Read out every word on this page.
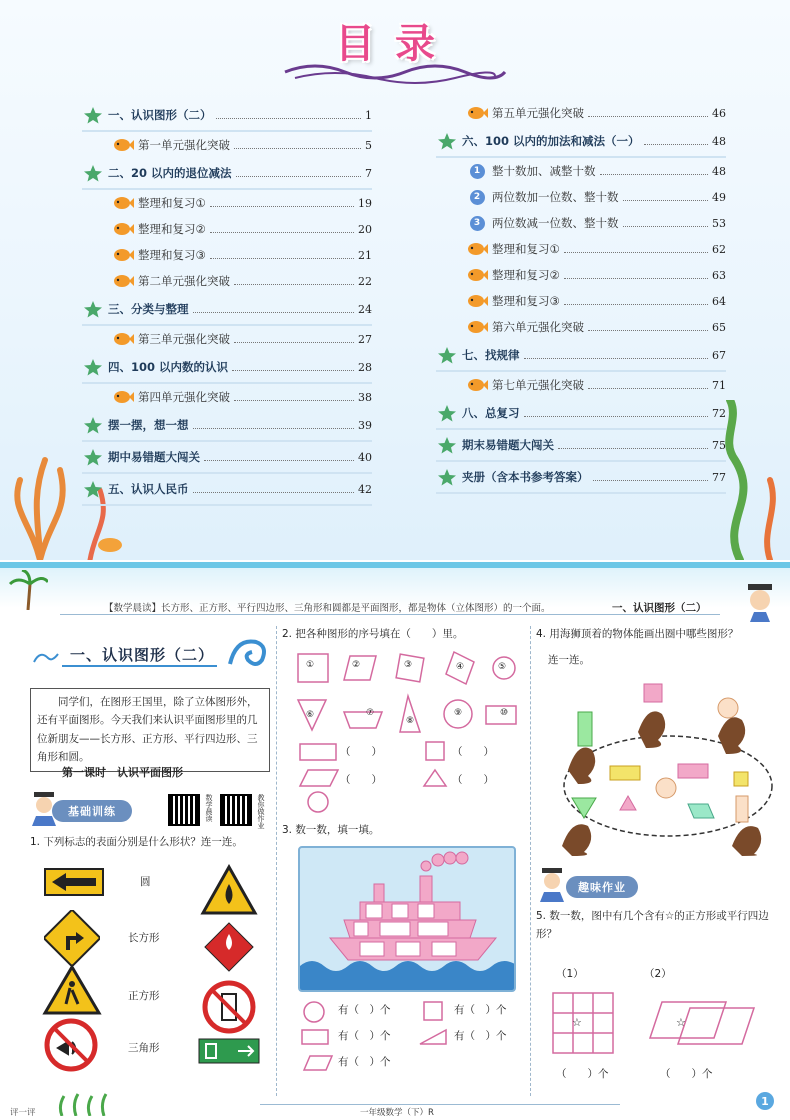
目录
一、认识图形（二）	1
第一单元强化突破	5
二、20 以内的退位减法	7
整理和复习①	19
整理和复习②	20
整理和复习③	21
第二单元强化突破	22
三、分类与整理	24
第三单元强化突破	27
四、100 以内数的认识	28
第四单元强化突破	38
摆一摆，想一想	39
期中易错题大闯关	40
五、认识人民币	42
第五单元强化突破	46
六、100 以内的加法和减法（一）	48
1	整十数加、减整十数	48
2	两位数加一位数、整十数	49
3	两位数减一位数、整十数	53
整理和复习①	62
整理和复习②	63
整理和复习③	64
第六单元强化突破	65
七、找规律	67
第七单元强化突破	71
八、总复习	72
期末易错题大闯关	75
夹册（含本书参考答案）	77
【数学晨读】长方形、正方形、平行四边形、三角形和圆都是平面图形，都是物体（立体图形）的一个面。	一、认识图形（二）
一、认识图形（二）
同学们，在图形王国里，除了立体图形外，还有平面图形。今天我们来认识平面图形里的几位新朋友——长方形、正方形、平行四边形、三角形和圆。
第一课时　认识平面图形
基础训练	数学晨读	教你做作业
1. 下列标志的表面分别是什么形状？连一连。
圆
长方形
正方形
三角形
2. 把各种图形的序号填在（　　）里。
①	②	③	④	⑤
⑥	⑦
⑧
⑨	⑩
（　　）	（　　）
（　　）	（　　）
3. 数一数，填一填。
有（　）个	有（　）个
有（　）个	有（　）个
有（　）个
4. 用海狮顶着的物体能画出圈中哪些图形？
连一连。
趣味作业
5. 数一数，图中有几个含有☆的正方形或平行四边形？
（1）	（2）
☆	☆
（　　）个	（　　）个
评一评	一年级数学（下）R
1
